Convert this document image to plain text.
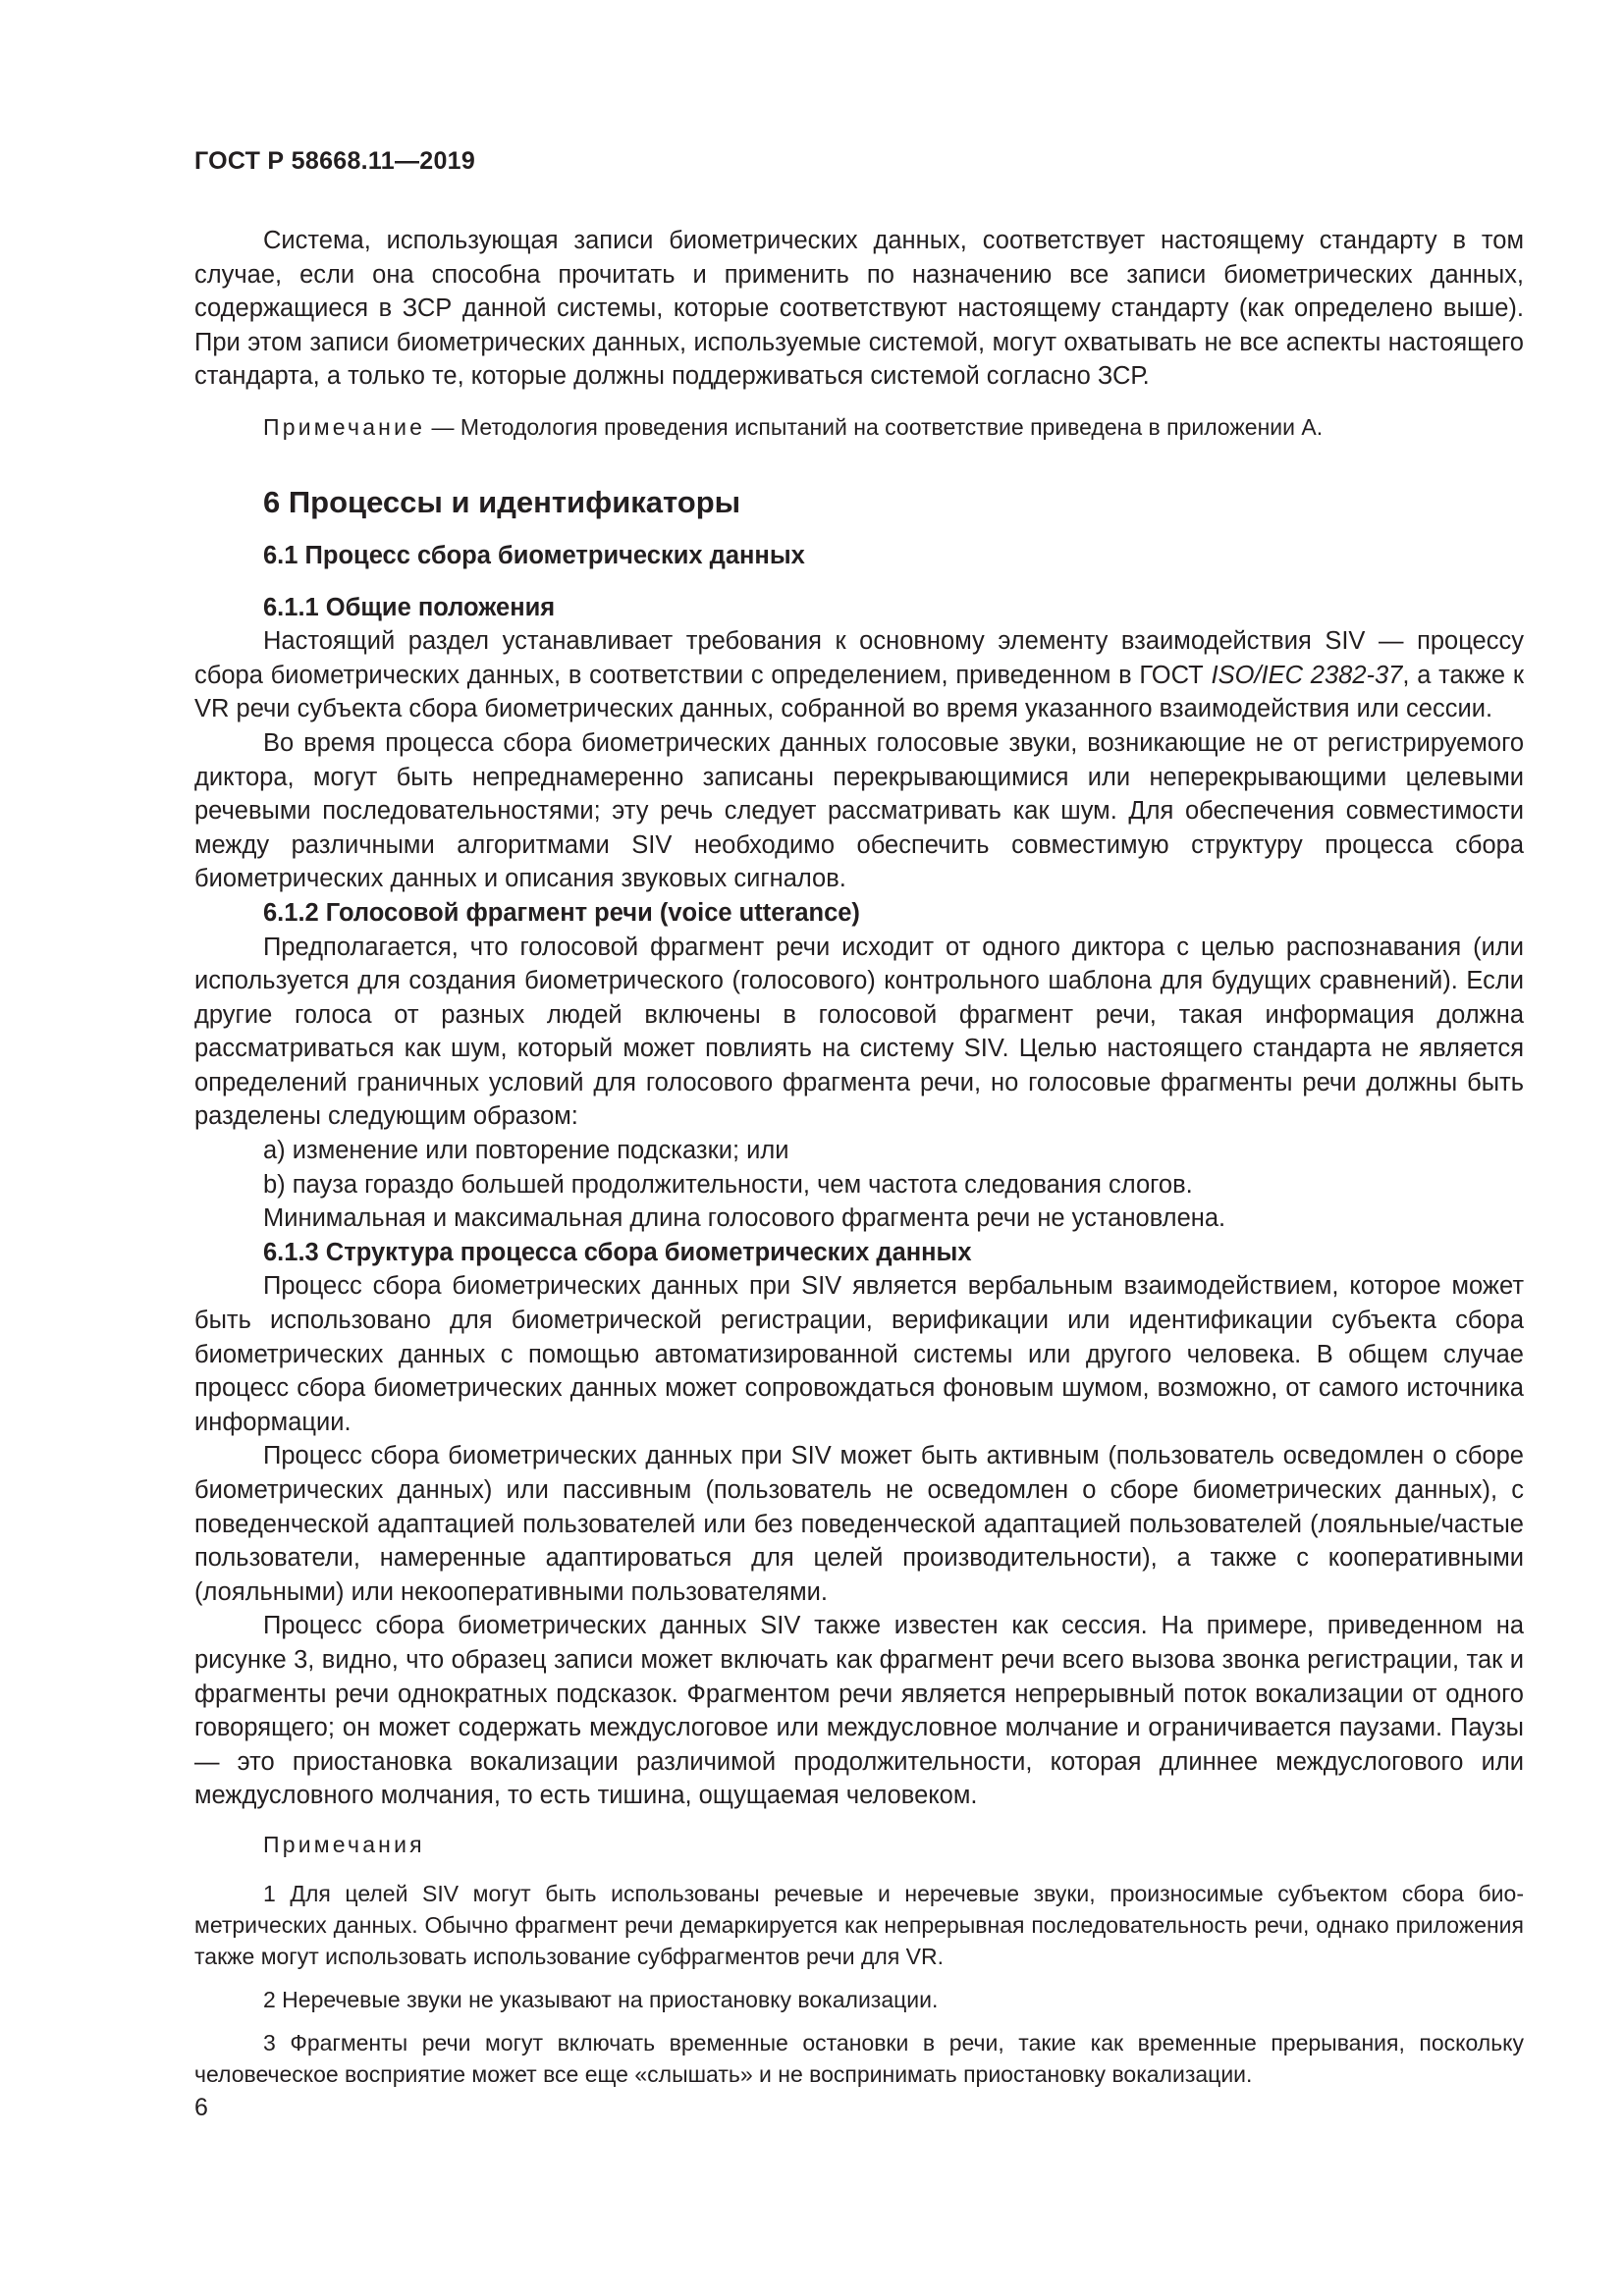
ГОСТ Р 58668.11—2019

Система, использующая записи биометрических данных, соответствует настоящему стандарту в том случае, если она способна прочитать и применить по назначению все записи биометрических данных, содержащиеся в ЗСР данной системы, которые соответствуют настоящему стандарту (как определено выше). При этом записи биометрических данных, используемые системой, могут охватывать не все аспекты настоящего стандарта, а только те, которые должны поддерживаться системой согласно ЗСР.

Примечание — Методология проведения испытаний на соответствие приведена в приложении А.

6 Процессы и идентификаторы
6.1 Процесс сбора биометрических данных
6.1.1 Общие положения

Настоящий раздел устанавливает требования к основному элементу взаимодействия SIV — процессу сбора биометрических данных, в соответствии с определением, приведенном в ГОСТ ISO/IEC 2382-37, а также к VR речи субъекта сбора биометрических данных, собранной во время указанного взаимодействия или сессии.

Во время процесса сбора биометрических данных голосовые звуки, возникающие не от регистрируемого диктора, могут быть непреднамеренно записаны перекрывающимися или неперекрывающими целевыми речевыми последовательностями; эту речь следует рассматривать как шум. Для обеспечения совместимости между различными алгоритмами SIV необходимо обеспечить совместимую структуру процесса сбора биометрических данных и описания звуковых сигналов.

6.1.2 Голосовой фрагмент речи (voice utterance)

Предполагается, что голосовой фрагмент речи исходит от одного диктора с целью распознавания (или используется для создания биометрического (голосового) контрольного шаблона для будущих сравнений). Если другие голоса от разных людей включены в голосовой фрагмент речи, такая информация должна рассматриваться как шум, который может повлиять на систему SIV. Целью настоящего стандарта не является определений граничных условий для голосового фрагмента речи, но голосовые фрагменты речи должны быть разделены следующим образом:

a) изменение или повторение подсказки; или

b) пауза гораздо большей продолжительности, чем частота следования слогов.

Минимальная и максимальная длина голосового фрагмента речи не установлена.

6.1.3 Структура процесса сбора биометрических данных

Процесс сбора биометрических данных при SIV является вербальным взаимодействием, которое может быть использовано для биометрической регистрации, верификации или идентификации субъекта сбора биометрических данных с помощью автоматизированной системы или другого человека. В общем случае процесс сбора биометрических данных может сопровождаться фоновым шумом, возможно, от самого источника информации.

Процесс сбора биометрических данных при SIV может быть активным (пользователь осведомлен о сборе биометрических данных) или пассивным (пользователь не осведомлен о сборе биометрических данных), с поведенческой адаптацией пользователей или без поведенческой адаптацией пользователей (лояльные/частые пользователи, намеренные адаптироваться для целей производительности), а также с кооперативными (лояльными) или некооперативными пользователями.

Процесс сбора биометрических данных SIV также известен как сессия. На примере, приведенном на рисунке 3, видно, что образец записи может включать как фрагмент речи всего вызова звонка регистрации, так и фрагменты речи однократных подсказок. Фрагментом речи является непрерывный поток вокализации от одного говорящего; он может содержать междуслоговое или междусловное молчание и ограничивается паузами. Паузы — это приостановка вокализации различимой продолжительности, которая длиннее междуслогового или междусловного молчания, то есть тишина, ощущаемая человеком.

Примечания

1 Для целей SIV могут быть использованы речевые и неречевые звуки, произносимые субъектом сбора биометрических данных. Обычно фрагмент речи демаркируется как непрерывная последовательность речи, однако приложения также могут использовать использование субфрагментов речи для VR.

2 Неречевые звуки не указывают на приостановку вокализации.

3 Фрагменты речи могут включать временные остановки в речи, такие как временные прерывания, поскольку человеческое восприятие может все еще «слышать» и не воспринимать приостановку вокализации.

6
